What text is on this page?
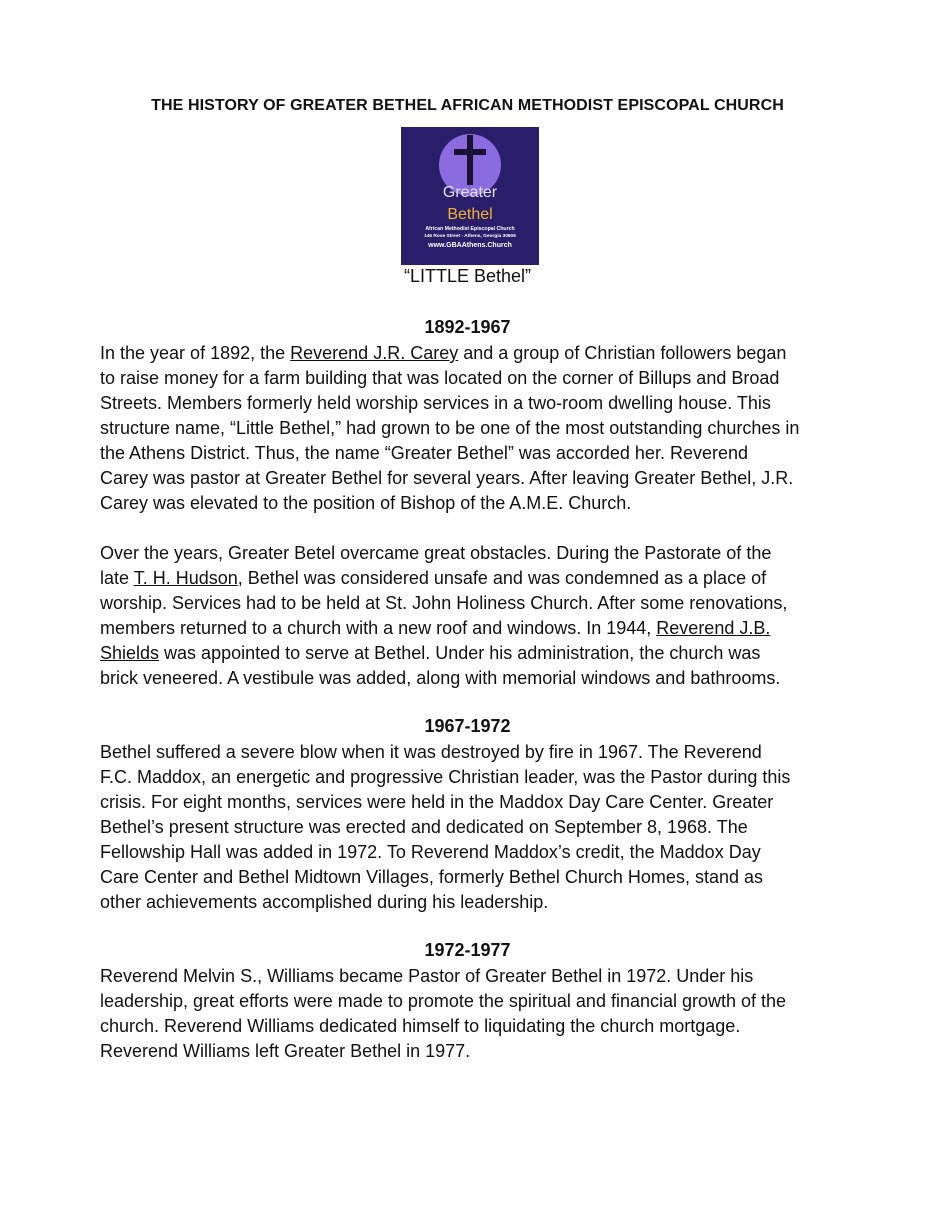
THE HISTORY OF GREATER BETHEL AFRICAN METHODIST EPISCOPAL CHURCH
Greater
Bethel
African Methodist Episcopal Church
146 Rose Street - Athens, Georgia 30606
www.GBAAthens.Church
“LITTLE Bethel”
1892-1967
In the year of 1892, the Reverend J.R. Carey and a group of Christian followers began
to raise money for a farm building that was located on the corner of Billups and Broad
Streets. Members formerly held worship services in a two-room dwelling house. This
structure name, “Little Bethel,” had grown to be one of the most outstanding churches in
the Athens District. Thus, the name “Greater Bethel” was accorded her. Reverend
Carey was pastor at Greater Bethel for several years. After leaving Greater Bethel, J.R.
Carey was elevated to the position of Bishop of the A.M.E. Church.
Over the years, Greater Betel overcame great obstacles. During the Pastorate of the
late T. H. Hudson, Bethel was considered unsafe and was condemned as a place of
worship. Services had to be held at St. John Holiness Church. After some renovations,
members returned to a church with a new roof and windows. In 1944, Reverend J.B.
Shields was appointed to serve at Bethel. Under his administration, the church was
brick veneered. A vestibule was added, along with memorial windows and bathrooms.
1967-1972
Bethel suffered a severe blow when it was destroyed by fire in 1967. The Reverend
F.C. Maddox, an energetic and progressive Christian leader, was the Pastor during this
crisis. For eight months, services were held in the Maddox Day Care Center. Greater
Bethel’s present structure was erected and dedicated on September 8, 1968. The
Fellowship Hall was added in 1972. To Reverend Maddox’s credit, the Maddox Day
Care Center and Bethel Midtown Villages, formerly Bethel Church Homes, stand as
other achievements accomplished during his leadership.
1972-1977
Reverend Melvin S., Williams became Pastor of Greater Bethel in 1972. Under his
leadership, great efforts were made to promote the spiritual and financial growth of the
church. Reverend Williams dedicated himself to liquidating the church mortgage.
Reverend Williams left Greater Bethel in 1977.
